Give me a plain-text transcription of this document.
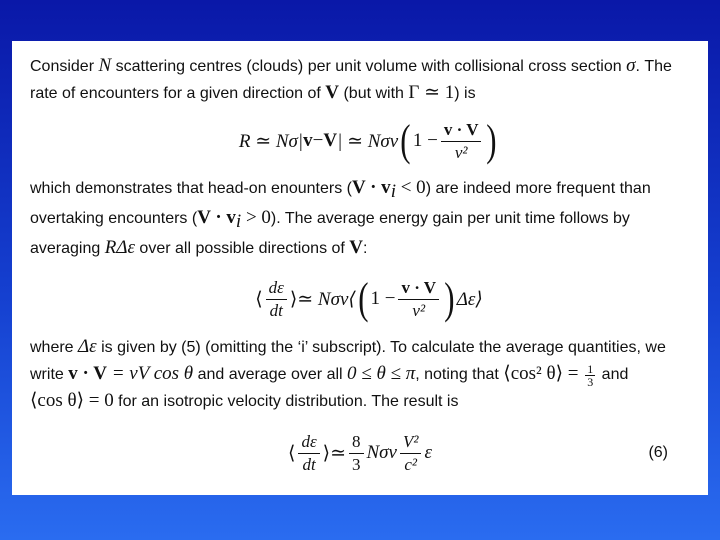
Consider N scattering centres (clouds) per unit volume with collisional cross section σ. The

rate of encounters for a given direction of V (but with Γ ≃ 1) is

R ≃ Nσ| v − V | ≃ Nσv ( $1 - \frac{v \cdot V}{\text{v²}}$ )

which demonstrates that head-on enounters $(V \cdot v_i < 0)$ are indeed more frequent than

overtaking encounters $(V \cdot v_i > 0)$. The average energy gain per unit time follows by

averaging RΔε over all possible directions of V:

⟨ $\frac{d\varepsilon}{dt}$ ⟩ ≃ Nσv⟨ ( $1 - \frac{v \cdot V}{\text{v²}}$ ) Δε⟩

where Δε is given by (5) (omitting the ‘i’ subscript). To calculate the average quantities, we

write v · V = vV cos θ and average over all 0 ≤ θ ≤ π, noting that ⟨cos² θ⟩ = $\frac{1}{3}$ and

⟨cos θ⟩ = 0 for an isotropic velocity distribution. The result is

⟨ $\frac{d\varepsilon}{dt}$ ⟩ ≃ $\frac{8}{3}$ Nσv $\frac{\text{V²}}{\text{c²}}$ ε	(6)
